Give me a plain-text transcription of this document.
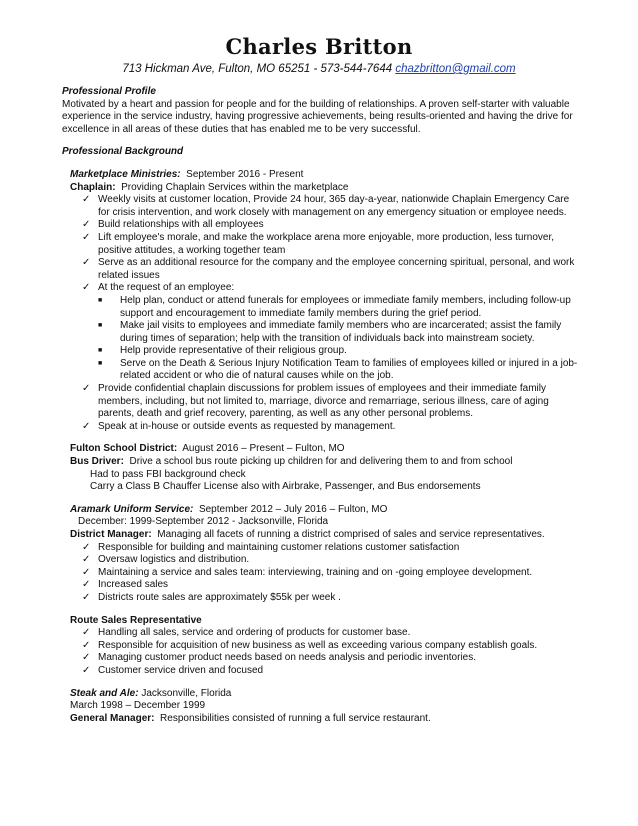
Charles Britton
713 Hickman Ave, Fulton, MO 65251 - 573-544-7644 chazbritton@gmail.com
Professional Profile

Motivated by a heart and passion for people and for the building of relationships. A proven self-starter with valuable experience in the service industry, having progressive achievements, being results-oriented and having the drive for excellence in all areas of these duties that has enabled me to be very successful.

Professional Background
Marketplace Ministries: September 2016 - Present
Chaplain: Providing Chaplain Services within the marketplace
✓ Weekly visits at customer location, Provide 24 hour, 365 day-a-year, nationwide Chaplain Emergency Care for crisis intervention, and work closely with management on any emergency situation or employee needs.
✓ Build relationships with all employees
✓ Lift employee's morale, and make the workplace arena more enjoyable, more production, less turnover, positive attitudes, a working together team
✓ Serve as an additional resource for the company and the employee concerning spiritual, personal, and work related issues
✓ At the request of an employee:
■	Help plan, conduct or attend funerals for employees or immediate family members, including follow-up support and encouragement to immediate family members during the grief period.
■	Make jail visits to employees and immediate family members who are incarcerated; assist the family during times of separation; help with the transition of individuals back into mainstream society.
■	Help provide representative of their religious group.
■	Serve on the Death & Serious Injury Notification Team to families of employees killed or injured in a job-related accident or who die of natural causes while on the job.
✓ Provide confidential chaplain discussions for problem issues of employees and their immediate family members, including, but not limited to, marriage, divorce and remarriage, serious illness, care of aging parents, death and grief recovery, parenting, as well as any other personal problems.
✓ Speak at in-house or outside events as requested by management.
Fulton School District: August 2016 – Present – Fulton, MO
Bus Driver: Drive a school bus route picking up children for and delivering them to and from school
Had to pass FBI background check
Carry a Class B Chauffer License also with Airbrake, Passenger, and Bus endorsements
Aramark Uniform Service: September 2012 – July 2016 – Fulton, MO
December: 1999-September 2012 - Jacksonville, Florida
District Manager: Managing all facets of running a district comprised of sales and service representatives.
✓ Responsible for building and maintaining customer relations customer satisfaction
✓ Oversaw logistics and distribution.
✓ Maintaining a service and sales team: interviewing, training and on -going employee development.
✓ Increased sales
✓ Districts route sales are approximately $55k per week .
Route Sales Representative
✓ Handling all sales, service and ordering of products for customer base.
✓ Responsible for acquisition of new business as well as exceeding various company establish goals.
✓ Managing customer product needs based on needs analysis and periodic inventories.
✓ Customer service driven and focused
Steak and Ale: Jacksonville, Florida
March 1998 – December 1999
General Manager: Responsibilities consisted of running a full service restaurant.
